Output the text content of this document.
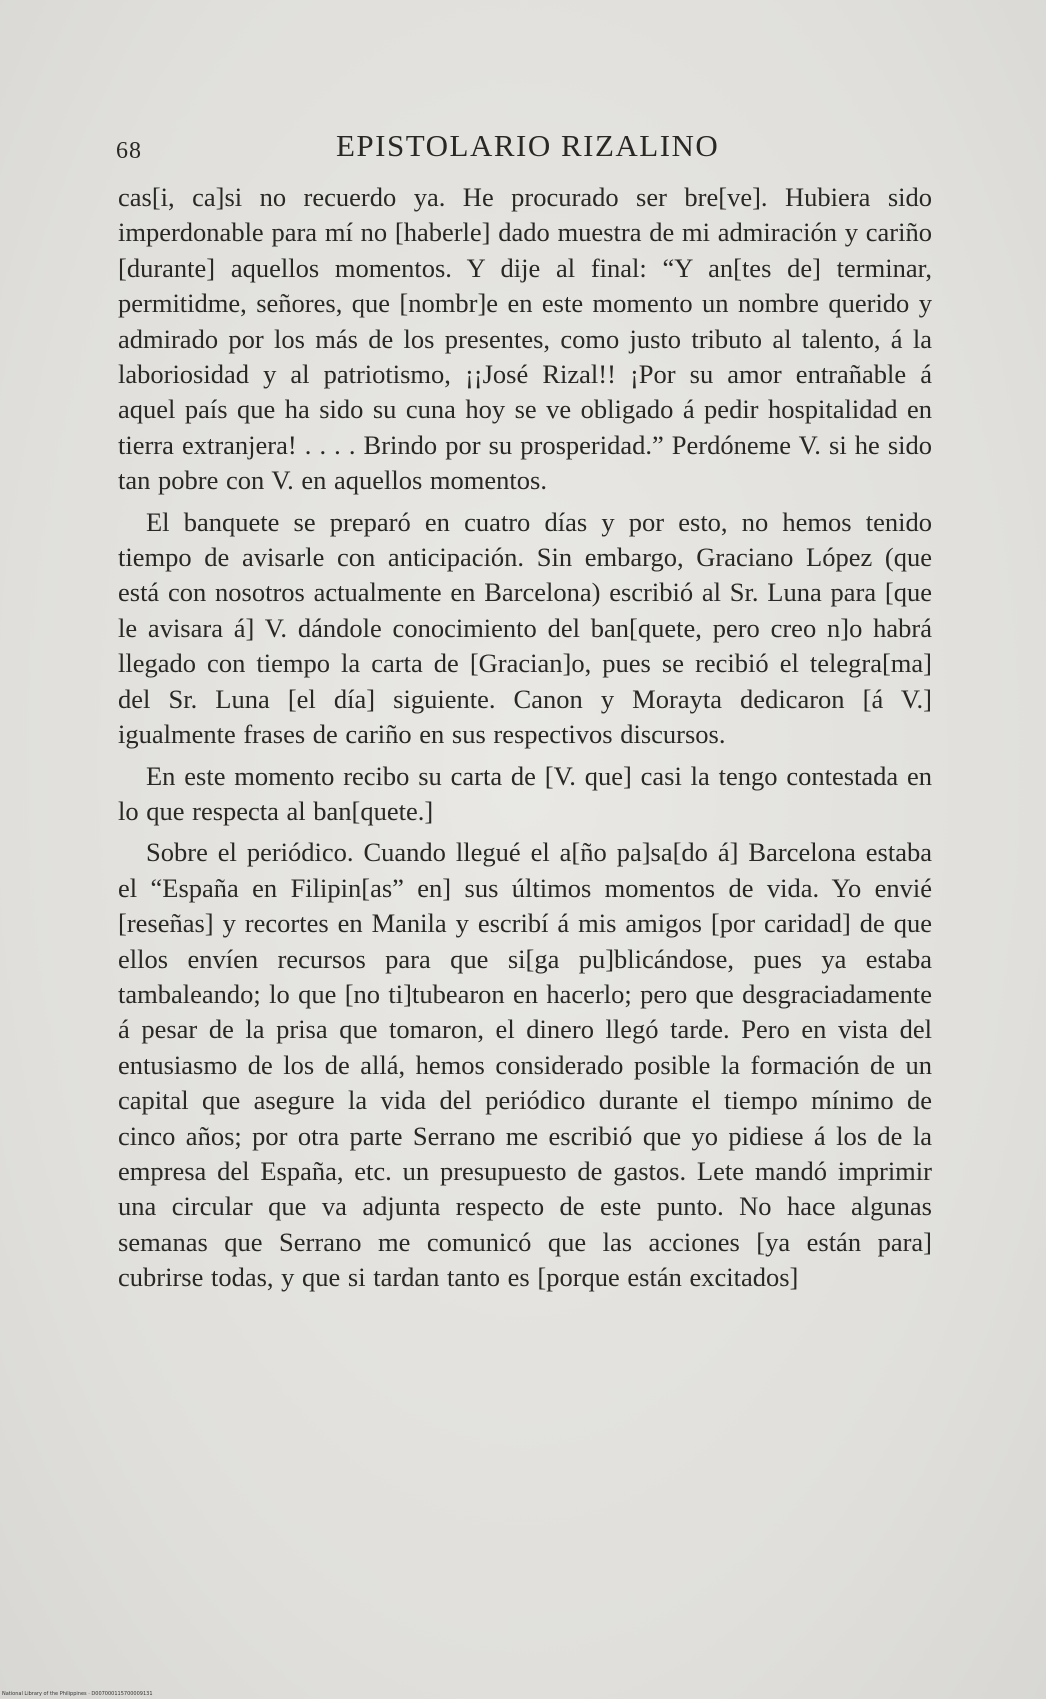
68	EPISTOLARIO RIZALINO

cas[i, ca]si no recuerdo ya. He procurado ser bre[ve]. Hubiera sido imperdonable para mí no [haberle] dado muestra de mi admiración y cariño [durante] aquellos momentos. Y dije al final: “Y an[tes de] terminar, permitidme, señores, que [nombr]e en este momento un nombre querido y admirado por los más de los presentes, como justo tributo al talento, á la laboriosidad y al patriotismo, ¡¡José Rizal!! ¡Por su amor entrañable á aquel país que ha sido su cuna hoy se ve obligado á pedir hospitalidad en tierra extranjera! . . . . Brindo por su prosperidad.” Perdóneme V. si he sido tan pobre con V. en aquellos momentos.

El banquete se preparó en cuatro días y por esto, no hemos tenido tiempo de avisarle con anticipación. Sin embargo, Graciano López (que está con nosotros actualmente en Barcelona) escribió al Sr. Luna para [que le avisara á] V. dándole conocimiento del ban[quete, pero creo n]o habrá llegado con tiempo la carta de [Gracian]o, pues se recibió el telegra[ma] del Sr. Luna [el día] siguiente. Canon y Morayta dedicaron [á V.] igualmente frases de cariño en sus respectivos discursos.

En este momento recibo su carta de [V. que] casi la tengo contestada en lo que respecta al ban[quete.]

Sobre el periódico. Cuando llegué el a[ño pa]sa[do á] Barcelona estaba el “España en Filipin[as” en] sus últimos momentos de vida. Yo envié [reseñas] y recortes en Manila y escribí á mis amigos [por caridad] de que ellos envíen recursos para que si[ga pu]blicándose, pues ya estaba tambaleando; lo que [no ti]tubearon en hacerlo; pero que desgraciadamente á pesar de la prisa que tomaron, el dinero llegó tarde. Pero en vista del entusiasmo de los de allá, hemos considerado posible la formación de un capital que asegure la vida del periódico durante el tiempo mínimo de cinco años; por otra parte Serrano me escribió que yo pidiese á los de la empresa del España, etc. un presupuesto de gastos. Lete mandó imprimir una circular que va adjunta respecto de este punto. No hace algunas semanas que Serrano me comunicó que las acciones [ya están para] cubrirse todas, y que si tardan tanto es [porque están excitados]

National Library of the Philippines · D007000115700009131
